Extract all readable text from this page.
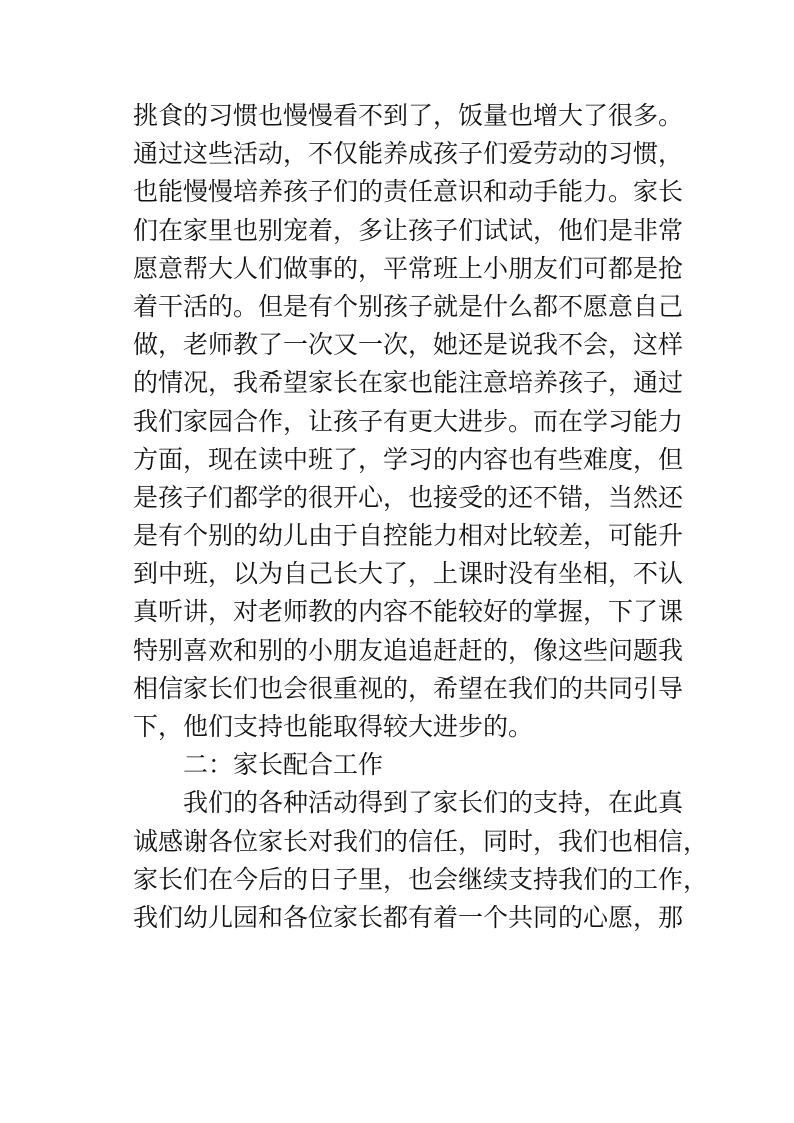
挑食的习惯也慢慢看不到了，饭量也增大了很多。
通过这些活动，不仅能养成孩子们爱劳动的习惯，
也能慢慢培养孩子们的责任意识和动手能力。家长
们在家里也别宠着，多让孩子们试试，他们是非常
愿意帮大人们做事的，平常班上小朋友们可都是抢
着干活的。但是有个别孩子就是什么都不愿意自己
做，老师教了一次又一次，她还是说我不会，这样
的情况，我希望家长在家也能注意培养孩子，通过
我们家园合作，让孩子有更大进步。而在学习能力
方面，现在读中班了，学习的内容也有些难度，但
是孩子们都学的很开心，也接受的还不错，当然还
是有个别的幼儿由于自控能力相对比较差，可能升
到中班，以为自己长大了，上课时没有坐相，不认
真听讲，对老师教的内容不能较好的掌握，下了课
特别喜欢和别的小朋友追追赶赶的，像这些问题我
相信家长们也会很重视的，希望在我们的共同引导
下，他们支持也能取得较大进步的。
二：家长配合工作
我们的各种活动得到了家长们的支持，在此真
诚感谢各位家长对我们的信任，同时，我们也相信，
家长们在今后的日子里，也会继续支持我们的工作，
我们幼儿园和各位家长都有着一个共同的心愿，那
